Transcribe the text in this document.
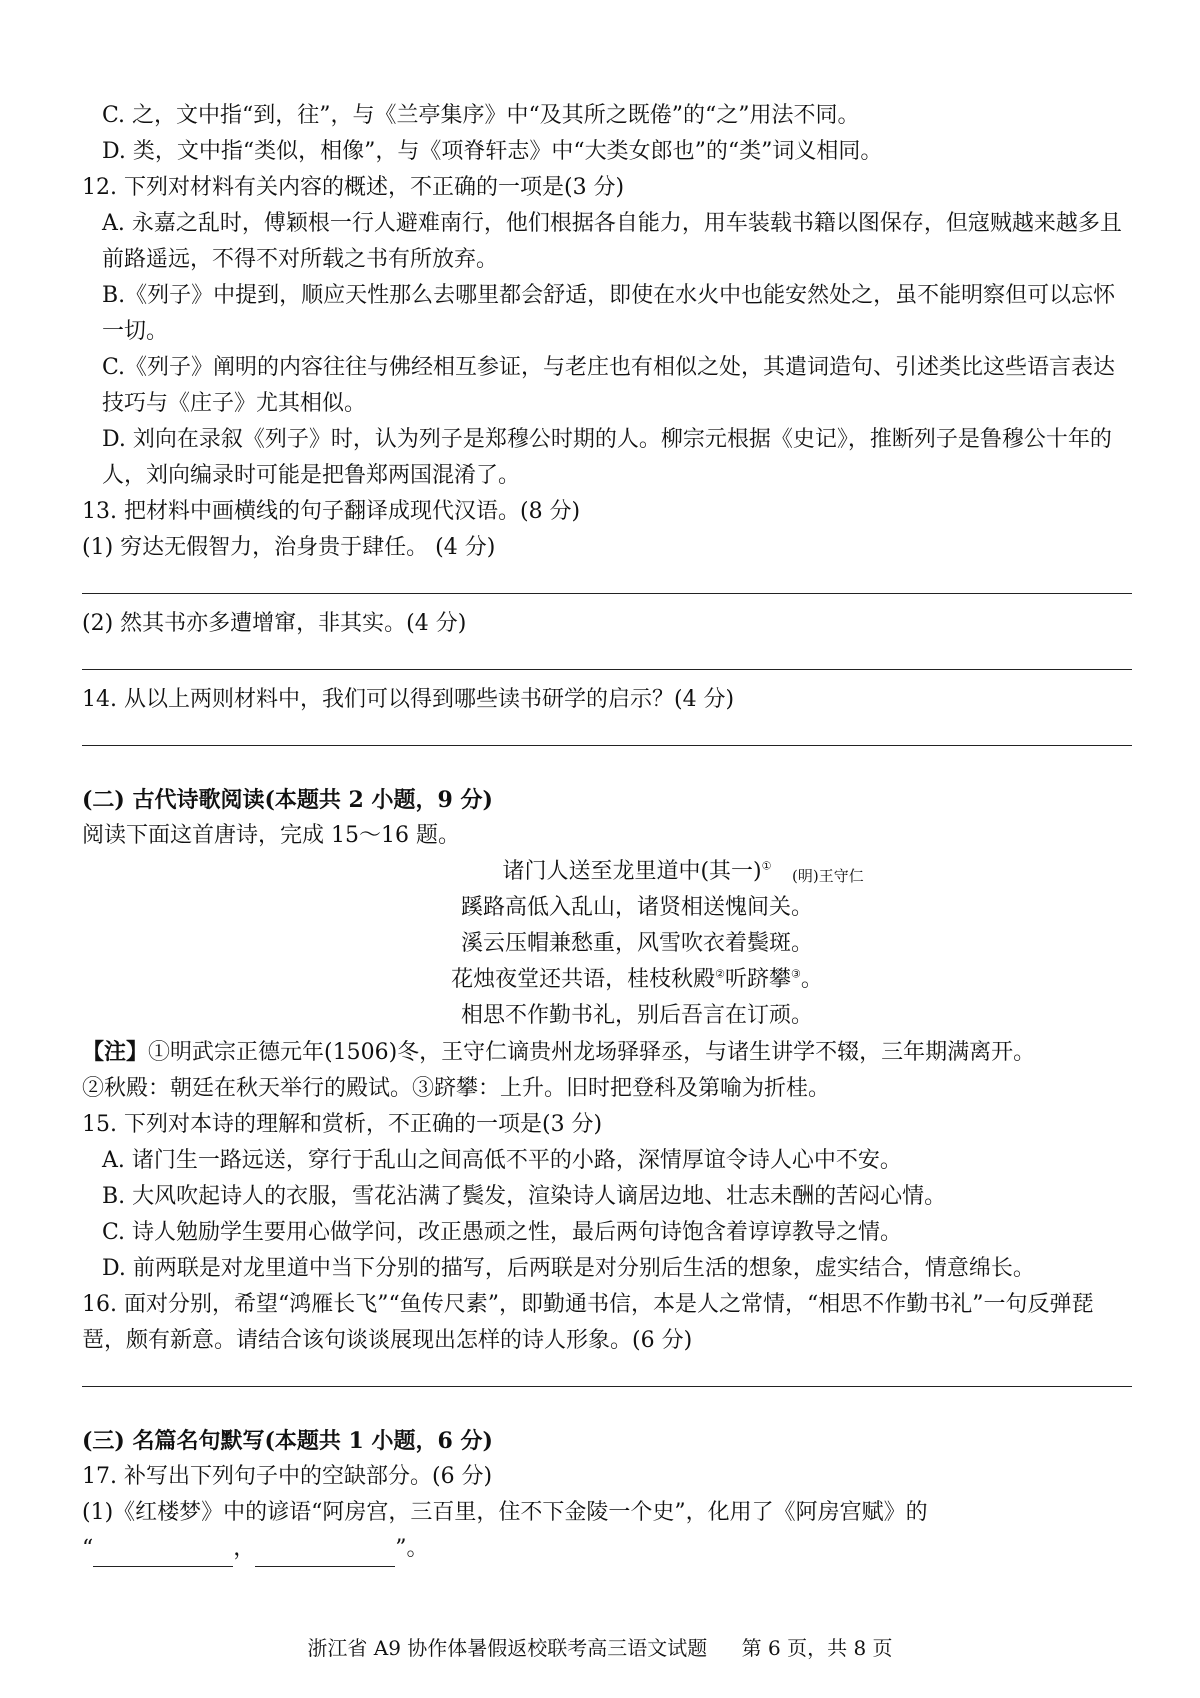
C. 之，文中指“到，往”，与《兰亭集序》中“及其所之既倦”的“之”用法不同。
D. 类，文中指“类似，相像”，与《项脊轩志》中“大类女郎也”的“类”词义相同。
12. 下列对材料有关内容的概述，不正确的一项是(3 分)
A. 永嘉之乱时，傅颖根一行人避难南行，他们根据各自能力，用车装载书籍以图保存，但寇贼越来越多且 前路遥远，不得不对所载之书有所放弃。
B.《列子》中提到，顺应天性那么去哪里都会舒适，即使在水火中也能安然处之，虽不能明察但可以忘怀 一切。
C.《列子》阐明的内容往往与佛经相互参证，与老庄也有相似之处，其遣词造句、引述类比这些语言表达技巧与《庄子》尤其相似。
D. 刘向在录叙《列子》时，认为列子是郑穆公时期的人。柳宗元根据《史记》，推断列子是鲁穆公十年的人，刘向编录时可能是把鲁郑两国混淆了。
13. 把材料中画横线的句子翻译成现代汉语。(8 分)
(1) 穷达无假智力，治身贵于肆任。 (4 分)
(2) 然其书亦多遭增窜，非其实。(4 分)
14. 从以上两则材料中，我们可以得到哪些读书研学的启示？(4 分)
(二) 古代诗歌阅读(本题共 2 小题，9 分)
阅读下面这首唐诗，完成 15～16 题。
诸门人送至龙里道中(其一)①
(明)王守仁
蹊路高低入乱山，诸贤相送愧间关。
溪云压帽兼愁重，风雪吹衣着鬓斑。
花烛夜堂还共语，桂枝秋殿②听跻攀③。
相思不作勤书礼，别后吾言在订顽。
【注】①明武宗正德元年(1506)冬，王守仁谪贵州龙场驿驿丞，与诸生讲学不辍，三年期满离开。
②秋殿：朝廷在秋天举行的殿试。③跻攀：上升。旧时把登科及第喻为折桂。
15. 下列对本诗的理解和赏析，不正确的一项是(3 分)
A. 诸门生一路远送，穿行于乱山之间高低不平的小路，深情厚谊令诗人心中不安。
B. 大风吹起诗人的衣服，雪花沾满了鬓发，渲染诗人谪居边地、壮志未酬的苦闷心情。
C. 诗人勉励学生要用心做学问，改正愚顽之性，最后两句诗饱含着谆谆教导之情。
D. 前两联是对龙里道中当下分别的描写，后两联是对分别后生活的想象，虚实结合，情意绵长。
16. 面对分别，希望“鸿雁长飞”“鱼传尺素”，即勤通书信，本是人之常情，“相思不作勤书礼”一句反弹琵琶，颇有新意。请结合该句谈谈展现出怎样的诗人形象。(6 分)
(三) 名篇名句默写(本题共 1 小题，6 分)
17. 补写出下列句子中的空缺部分。(6 分)
(1)《红楼梦》中的谚语“阿房宫，三百里，住不下金陵一个史”，化用了《阿房宫赋》的
“	，	”。
浙江省 A9 协作体暑假返校联考高三语文试题 第 6 页，共 8 页
